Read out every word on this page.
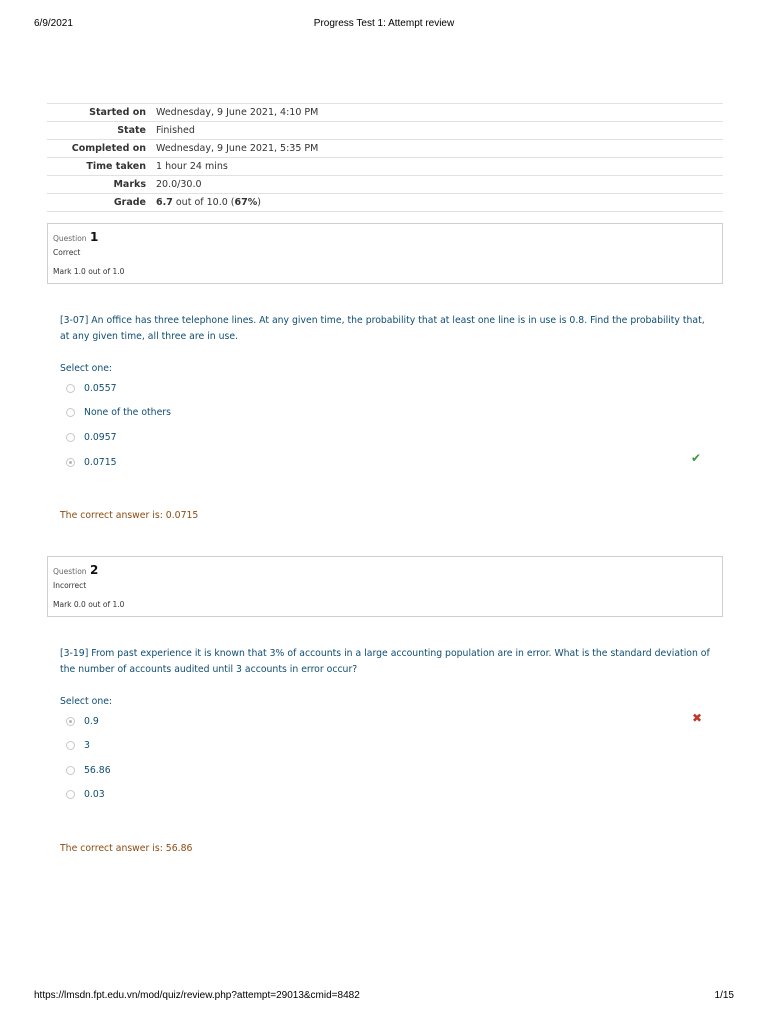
6/9/2021	Progress Test 1: Attempt review
Started on	Wednesday, 9 June 2021, 4:10 PM
State	Finished
Completed on	Wednesday, 9 June 2021, 5:35 PM
Time taken	1 hour 24 mins
Marks	20.0/30.0
Grade	6.7 out of 10.0 (67%)
Question 1
Correct
Mark 1.0 out of 1.0
[3-07] An office has three telephone lines. At any given time, the probability that at least one line is in use is 0.8. Find the probability that, at any given time, all three are in use.
Select one:
0.0557
None of the others
0.0957
0.0715	✔
The correct answer is: 0.0715
Question 2
Incorrect
Mark 0.0 out of 1.0
[3-19] From past experience it is known that 3% of accounts in a large accounting population are in error. What is the standard deviation of the number of accounts audited until 3 accounts in error occur?
Select one:
0.9
3
56.86
0.03
✖
The correct answer is: 56.86
https://lmsdn.fpt.edu.vn/mod/quiz/review.php?attempt=29013&cmid=8482	1/15
